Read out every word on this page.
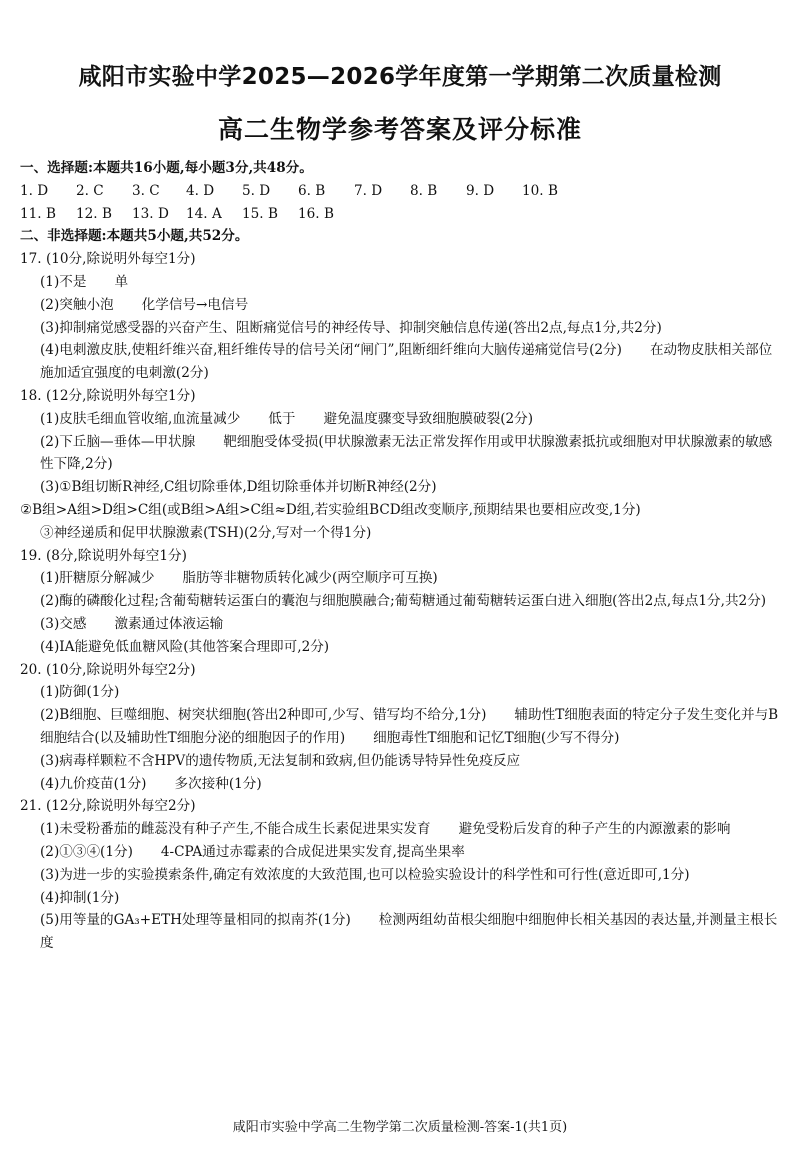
咸阳市实验中学2025—2026学年度第一学期第二次质量检测
高二生物学参考答案及评分标准
一、选择题:本题共16小题,每小题3分,共48分。
1. D	2. C	3. C	4. D	5. D	6. B	7. D	8. B	9. D	10. B
11. B	12. B	13. D	14. A	15. B	16. B
二、非选择题:本题共5小题,共52分。
17. (10分,除说明外每空1分)
(1)不是 单
(2)突触小泡 化学信号→电信号
(3)抑制痛觉感受器的兴奋产生、阻断痛觉信号的神经传导、抑制突触信息传递(答出2点,每点1分,共2分)
(4)电刺激皮肤,使粗纤维兴奋,粗纤维传导的信号关闭“闸门”,阻断细纤维向大脑传递痛觉信号(2分) 在动物皮肤相关部位施加适宜强度的电刺激(2分)
18. (12分,除说明外每空1分)
(1)皮肤毛细血管收缩,血流量减少 低于 避免温度骤变导致细胞膜破裂(2分)
(2)下丘脑—垂体—甲状腺 靶细胞受体受损(甲状腺激素无法正常发挥作用或甲状腺激素抵抗或细胞对甲状腺激素的敏感性下降,2分)
(3)①B组切断R神经,C组切除垂体,D组切除垂体并切断R神经(2分)
②B组>A组>D组>C组(或B组>A组>C组≈D组,若实验组BCD组改变顺序,预期结果也要相应改变,1分)
③神经递质和促甲状腺激素(TSH)(2分,写对一个得1分)
19. (8分,除说明外每空1分)
(1)肝糖原分解减少 脂肪等非糖物质转化减少(两空顺序可互换)
(2)酶的磷酸化过程;含葡萄糖转运蛋白的囊泡与细胞膜融合;葡萄糖通过葡萄糖转运蛋白进入细胞(答出2点,每点1分,共2分)
(3)交感 激素通过体液运输
(4)IA能避免低血糖风险(其他答案合理即可,2分)
20. (10分,除说明外每空2分)
(1)防御(1分)
(2)B细胞、巨噬细胞、树突状细胞(答出2种即可,少写、错写均不给分,1分) 辅助性T细胞表面的特定分子发生变化并与B细胞结合(以及辅助性T细胞分泌的细胞因子的作用) 细胞毒性T细胞和记忆T细胞(少写不得分)
(3)病毒样颗粒不含HPV的遗传物质,无法复制和致病,但仍能诱导特异性免疫反应
(4)九价疫苗(1分) 多次接种(1分)
21. (12分,除说明外每空2分)
(1)未受粉番茄的雌蕊没有种子产生,不能合成生长素促进果实发育 避免受粉后发育的种子产生的内源激素的影响
(2)①③④(1分) 4-CPA通过赤霉素的合成促进果实发育,提高坐果率
(3)为进一步的实验摸索条件,确定有效浓度的大致范围,也可以检验实验设计的科学性和可行性(意近即可,1分)
(4)抑制(1分)
(5)用等量的GA₃+ETH处理等量相同的拟南芥(1分) 检测两组幼苗根尖细胞中细胞伸长相关基因的表达量,并测量主根长度
咸阳市实验中学高二生物学第二次质量检测-答案-1(共1页)
